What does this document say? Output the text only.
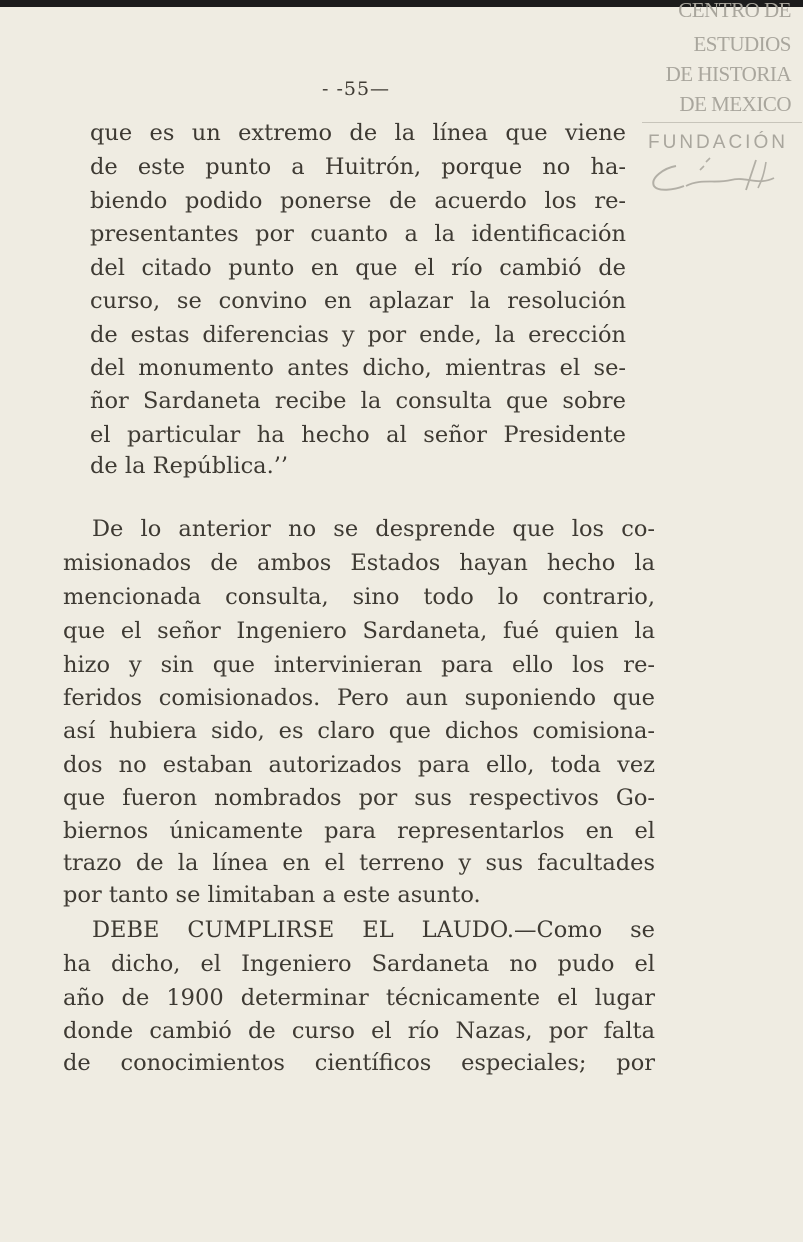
- -55—
CENTRO DE
ESTUDIOS
DE HISTORIA
DE MEXICO
FUNDACIÓN
que es un extremo de la línea que viene
de este punto a Huitrón, porque no ha-
biendo podido ponerse de acuerdo los re-
presentantes por cuanto a la identificación
del citado punto en que el río cambió de
curso, se convino en aplazar la resolución
de estas diferencias y por ende, la erección
del monumento antes dicho, mientras el se-
ñor Sardaneta recibe la consulta que sobre
el particular ha hecho al señor Presidente
de la República.’’
De lo anterior no se desprende que los co-
misionados de ambos Estados hayan hecho la
mencionada consulta, sino todo lo contrario,
que el señor Ingeniero Sardaneta, fué quien la
hizo y sin que intervinieran para ello los re-
feridos comisionados. Pero aun suponiendo que
así hubiera sido, es claro que dichos comisiona-
dos no estaban autorizados para ello, toda vez
que fueron nombrados por sus respectivos Go-
biernos únicamente para representarlos en el
trazo de la línea en el terreno y sus facultades
por tanto se limitaban a este asunto.
DEBE CUMPLIRSE EL LAUDO.—Como se
ha dicho, el Ingeniero Sardaneta no pudo el
año de 1900 determinar técnicamente el lugar
donde cambió de curso el río Nazas, por falta
de conocimientos científicos especiales; por
